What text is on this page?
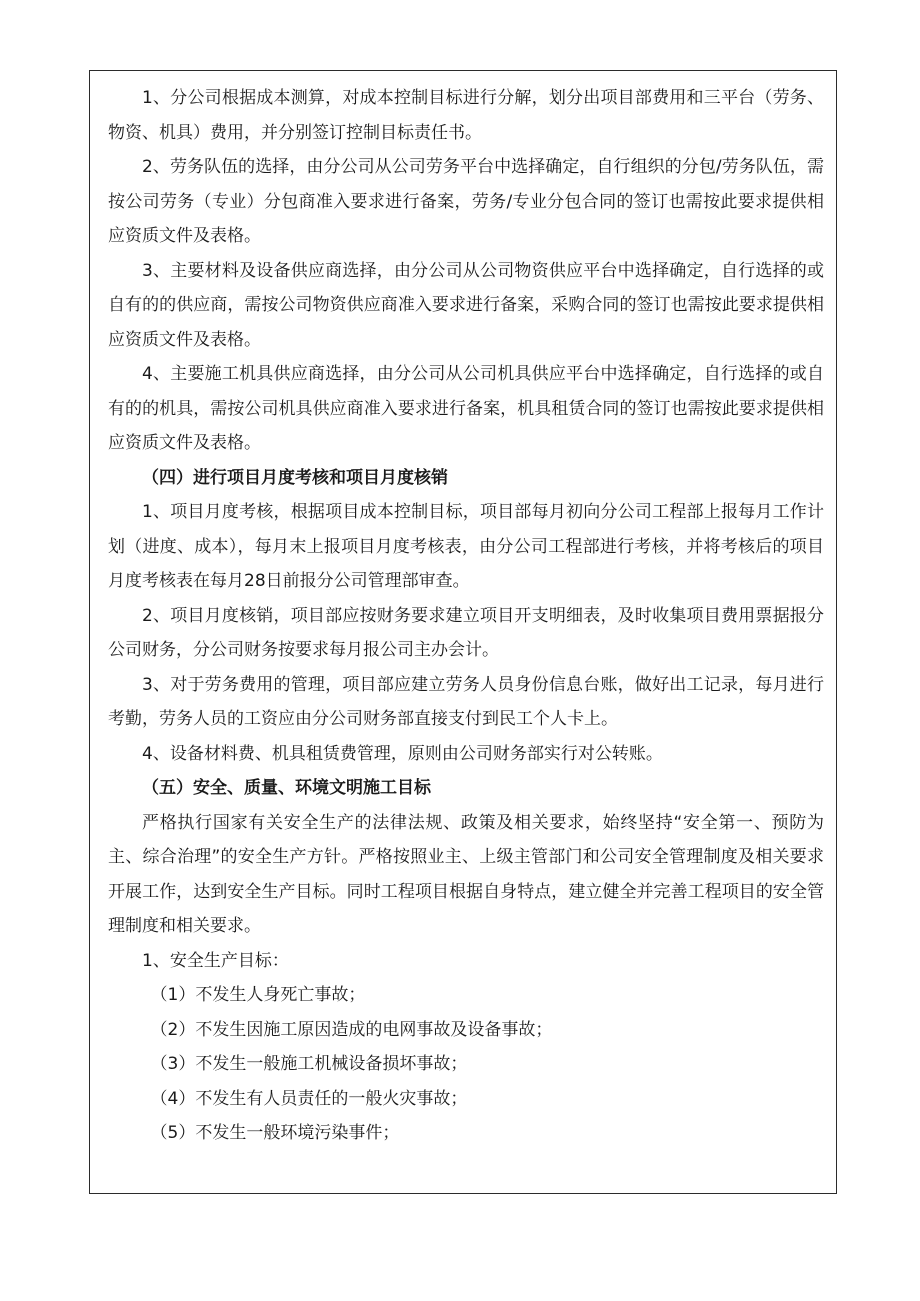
1、分公司根据成本测算，对成本控制目标进行分解，划分出项目部费用和三平台（劳务、物资、机具）费用，并分别签订控制目标责任书。

2、劳务队伍的选择，由分公司从公司劳务平台中选择确定，自行组织的分包/劳务队伍，需按公司劳务（专业）分包商准入要求进行备案，劳务/专业分包合同的签订也需按此要求提供相应资质文件及表格。

3、主要材料及设备供应商选择，由分公司从公司物资供应平台中选择确定，自行选择的或自有的的供应商，需按公司物资供应商准入要求进行备案，采购合同的签订也需按此要求提供相应资质文件及表格。

4、主要施工机具供应商选择，由分公司从公司机具供应平台中选择确定，自行选择的或自有的的机具，需按公司机具供应商准入要求进行备案，机具租赁合同的签订也需按此要求提供相应资质文件及表格。

（四）进行项目月度考核和项目月度核销

1、项目月度考核，根据项目成本控制目标，项目部每月初向分公司工程部上报每月工作计划（进度、成本），每月末上报项目月度考核表，由分公司工程部进行考核，并将考核后的项目月度考核表在每月28日前报分公司管理部审查。

2、项目月度核销，项目部应按财务要求建立项目开支明细表，及时收集项目费用票据报分公司财务，分公司财务按要求每月报公司主办会计。

3、对于劳务费用的管理，项目部应建立劳务人员身份信息台账，做好出工记录，每月进行考勤，劳务人员的工资应由分公司财务部直接支付到民工个人卡上。

4、设备材料费、机具租赁费管理，原则由公司财务部实行对公转账。

（五）安全、质量、环境文明施工目标

严格执行国家有关安全生产的法律法规、政策及相关要求，始终坚持“安全第一、预防为主、综合治理”的安全生产方针。严格按照业主、上级主管部门和公司安全管理制度及相关要求开展工作，达到安全生产目标。同时工程项目根据自身特点，建立健全并完善工程项目的安全管理制度和相关要求。

1、安全生产目标：

（1）不发生人身死亡事故；

（2）不发生因施工原因造成的电网事故及设备事故；

（3）不发生一般施工机械设备损坏事故；

（4）不发生有人员责任的一般火灾事故；

（5）不发生一般环境污染事件；
